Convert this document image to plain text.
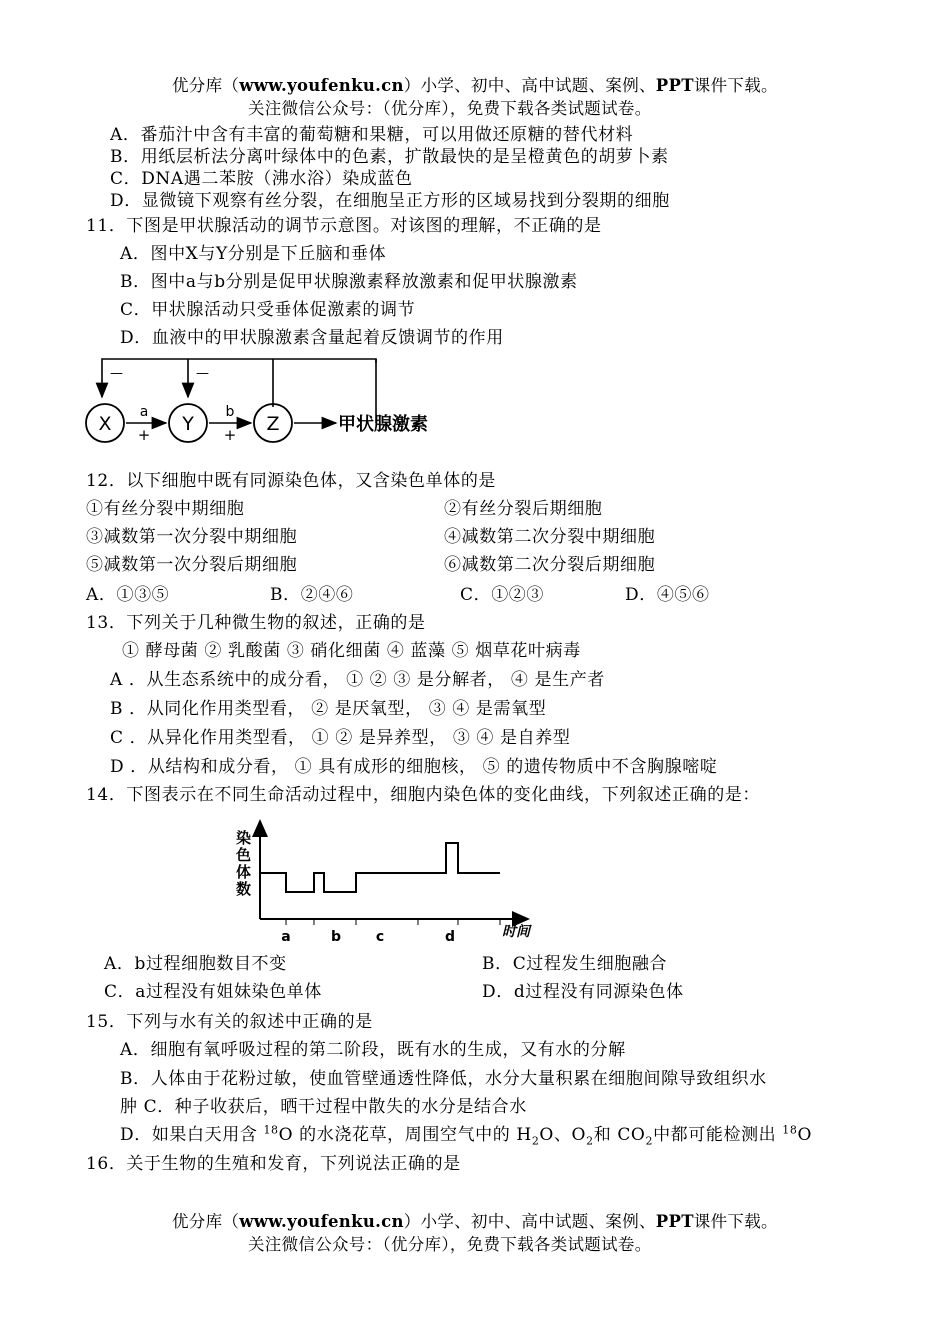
优分库（www.youfenku.cn）小学、初中、高中试题、案例、PPT课件下载。
关注微信公众号：（优分库），免费下载各类试题试卷。
A．番茄汁中含有丰富的葡萄糖和果糖，可以用做还原糖的替代材料
B．用纸层析法分离叶绿体中的色素，扩散最快的是呈橙黄色的胡萝卜素
C．DNA遇二苯胺（沸水浴）染成蓝色
D．显微镜下观察有丝分裂，在细胞呈正方形的区域易找到分裂期的细胞
11．下图是甲状腺活动的调节示意图。对该图的理解，不正确的是
A．图中X与Y分别是下丘脑和垂体
B．图中a与b分别是促甲状腺激素释放激素和促甲状腺激素
C．甲状腺活动只受垂体促激素的调节
D．血液中的甲状腺激素含量起着反馈调节的作用
—	—
X	Y	Z
a
+
b
+	甲状腺激素
12．以下细胞中既有同源染色体，又含染色单体的是
①有丝分裂中期细胞	②有丝分裂后期细胞
③减数第一次分裂中期细胞	④减数第二次分裂中期细胞
⑤减数第一次分裂后期细胞	⑥减数第二次分裂后期细胞
A．①③⑤	B．②④⑥	C．①②③	D．④⑤⑥
13．下列关于几种微生物的叙述，正确的是
① 酵母菌 ② 乳酸菌 ③ 硝化细菌 ④ 蓝藻 ⑤ 烟草花叶病毒
A ．从生态系统中的成分看， ① ② ③ 是分解者， ④ 是生产者
B ．从同化作用类型看， ② 是厌氧型， ③ ④ 是需氧型
C ．从异化作用类型看， ① ② 是异养型， ③ ④ 是自养型
D ．从结构和成分看， ① 具有成形的细胞核， ⑤ 的遗传物质中不含胸腺嘧啶
14．下图表示在不同生命活动过程中，细胞内染色体的变化曲线，下列叙述正确的是：
染
色
体
数
a	b c	d	时间
A．b过程细胞数目不变	B．C过程发生细胞融合
C．a过程没有姐妹染色单体	D．d过程没有同源染色体
15．下列与水有关的叙述中正确的是
A．细胞有氧呼吸过程的第二阶段，既有水的生成，又有水的分解
B．人体由于花粉过敏，使血管壁通透性降低，水分大量积累在细胞间隙导致组织水
肿 C．种子收获后，晒干过程中散失的水分是结合水
D．如果白天用含 $^{18}$O 的水浇花草，周围空气中的 $H_2O$、$O_2$和 $CO_2$中都可能检测出 $^{18}$O
16．关于生物的生殖和发育，下列说法正确的是
优分库（www.youfenku.cn）小学、初中、高中试题、案例、PPT课件下载。
关注微信公众号：（优分库），免费下载各类试题试卷。
